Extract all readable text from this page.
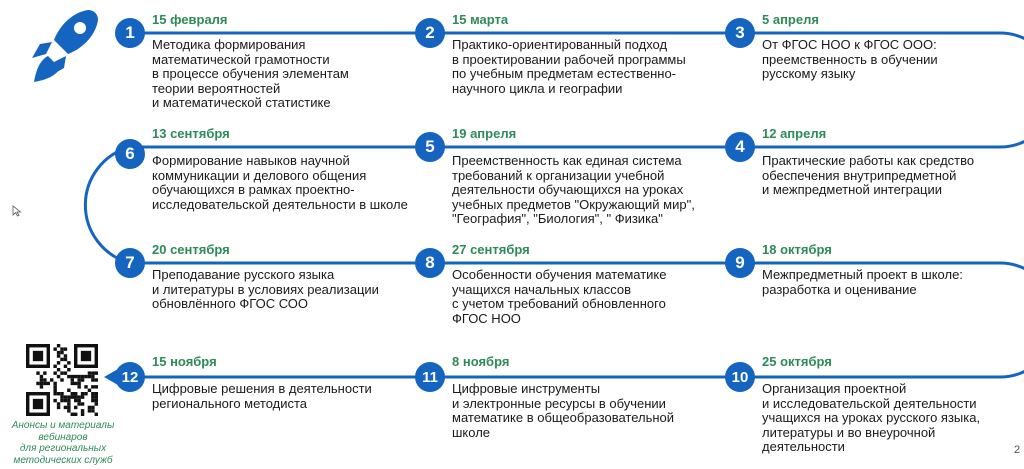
1
15 февраля
Методика формирования
математической грамотности
в процессе обучения элементам
теории вероятностей
и математической статистике
2
15 марта
Практико-ориентированный подход
в проектировании рабочей программы
по учебным предметам естественно-
научного цикла и географии
3
5 апреля
От ФГОС НОО к ФГОС ООО:
преемственность в обучении
русскому языку
4
12 апреля
Практические работы как средство
обеспечения внутрипредметной
и межпредметной интеграции
5
19 апреля
Преемственность как единая система
требований к организации учебной
деятельности обучающихся на уроках
учебных предметов "Окружающий мир",
"География", "Биология", " Физика"
6
13 сентября
Формирование навыков научной
коммуникации и делового общения
обучающихся в рамках проектно-
исследовательской деятельности в школе
7
20 сентября
Преподавание русского языка
и литературы в условиях реализации
обновлённого ФГОС СОО
8
27 сентября
Особенности обучения математике
учащихся начальных классов
с учетом требований обновленного
ФГОС НОО
9
18 октября
Межпредметный проект в школе:
разработка и оценивание
10
25 октября
Организация проектной
и исследовательской деятельности
учащихся на уроках русского языка,
литературы и во внеурочной
деятельности
11
8 ноября
Цифровые инструменты
и электронные ресурсы в обучении
математике в общеобразовательной
школе
12
15 ноября
Цифровые решения в деятельности
регионального методиста
Анонсы и материалы
вебинаров
для региональных
методических служб
2
